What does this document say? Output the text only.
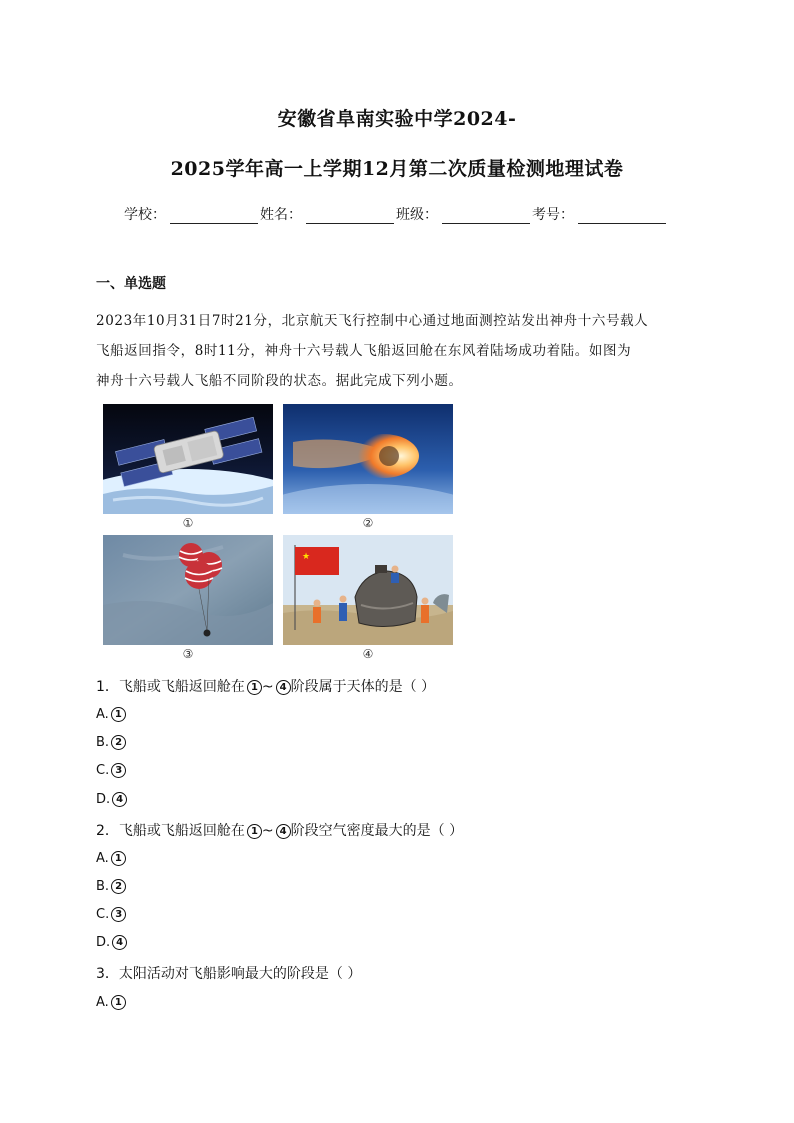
安徽省阜南实验中学2024-
2025学年高一上学期12月第二次质量检测地理试卷
学校：	姓名：	班级：	考号：
一、单选题
2023年10月31日7时21分，北京航天飞行控制中心通过地面测控站发出神舟十六号载人
飞船返回指令，8时11分，神舟十六号载人飞船返回舱在东风着陆场成功着陆。如图为
神舟十六号载人飞船不同阶段的状态。据此完成下列小题。
①	②
③
★
④
1．飞船或飞船返回舱在 1 ~ 4 阶段属于天体的是（ ）
A. 1
B. 2
C. 3
D. 4
2．飞船或飞船返回舱在 1 ~ 4 阶段空气密度最大的是（ ）
A. 1
B. 2
C. 3
D. 4
3．太阳活动对飞船影响最大的阶段是（ ）
A. 1
